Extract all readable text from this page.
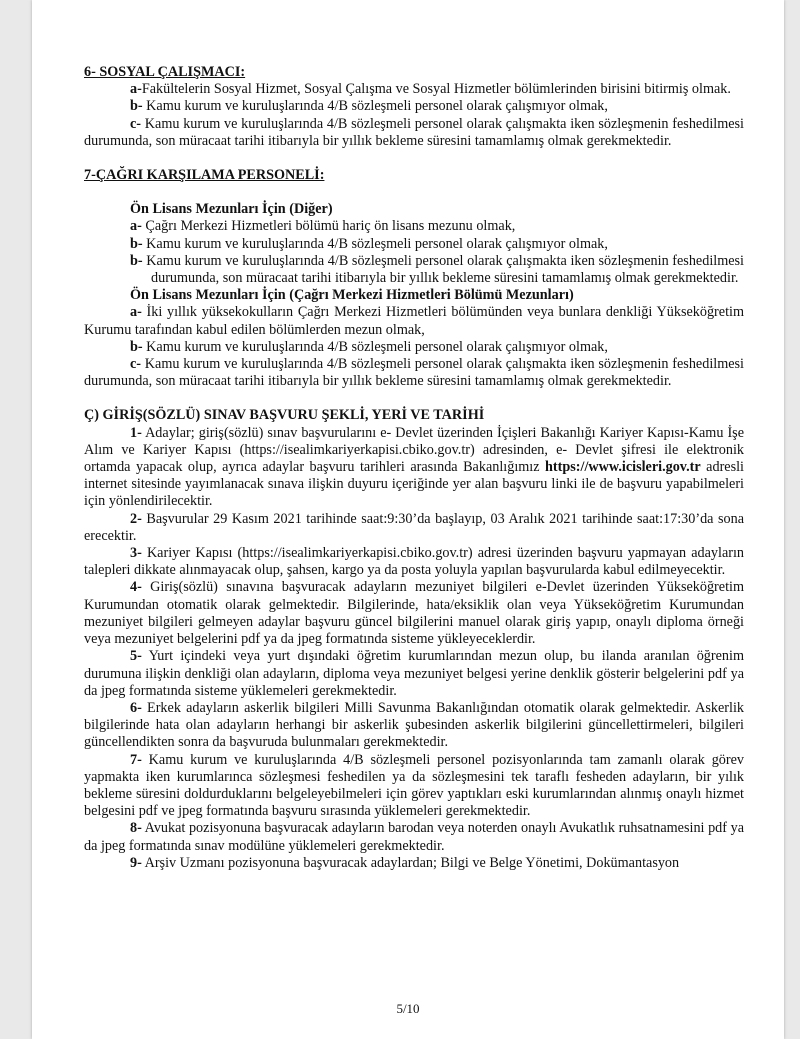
6- SOSYAL ÇALIŞMACI:

a-Fakültelerin Sosyal Hizmet, Sosyal Çalışma ve Sosyal Hizmetler bölümlerinden birisini bitirmiş olmak.

b- Kamu kurum ve kuruluşlarında 4/B sözleşmeli personel olarak çalışmıyor olmak,

c- Kamu kurum ve kuruluşlarında 4/B sözleşmeli personel olarak çalışmakta iken sözleşmenin feshedilmesi durumunda, son müracaat tarihi itibarıyla bir yıllık bekleme süresini tamamlamış olmak gerekmektedir.

7-ÇAĞRI KARŞILAMA PERSONELİ:

Ön Lisans Mezunları İçin (Diğer)

a- Çağrı Merkezi Hizmetleri bölümü hariç ön lisans mezunu olmak,

b- Kamu kurum ve kuruluşlarında 4/B sözleşmeli personel olarak çalışmıyor olmak,

b- Kamu kurum ve kuruluşlarında 4/B sözleşmeli personel olarak çalışmakta iken sözleşmenin feshedilmesi durumunda, son müracaat tarihi itibarıyla bir yıllık bekleme süresini tamamlamış olmak gerekmektedir.

Ön Lisans Mezunları İçin (Çağrı Merkezi Hizmetleri Bölümü Mezunları)

a- İki yıllık yüksekokulların Çağrı Merkezi Hizmetleri bölümünden veya bunlara denkliği Yükseköğretim Kurumu tarafından kabul edilen bölümlerden mezun olmak,

b- Kamu kurum ve kuruluşlarında 4/B sözleşmeli personel olarak çalışmıyor olmak,

c- Kamu kurum ve kuruluşlarında 4/B sözleşmeli personel olarak çalışmakta iken sözleşmenin feshedilmesi durumunda, son müracaat tarihi itibarıyla bir yıllık bekleme süresini tamamlamış olmak gerekmektedir.

Ç) GİRİŞ(SÖZLÜ) SINAV BAŞVURU ŞEKLİ, YERİ VE TARİHİ

1- Adaylar; giriş(sözlü) sınav başvurularını e- Devlet üzerinden İçişleri Bakanlığı Kariyer Kapısı-Kamu İşe Alım ve Kariyer Kapısı (https://isealimkariyerkapisi.cbiko.gov.tr) adresinden, e- Devlet şifresi ile elektronik ortamda yapacak olup, ayrıca adaylar başvuru tarihleri arasında Bakanlığımız https://www.icisleri.gov.tr adresli internet sitesinde yayımlanacak sınava ilişkin duyuru içeriğinde yer alan başvuru linki ile de başvuru yapabilmeleri için yönlendirilecektir.

2- Başvurular 29 Kasım 2021 tarihinde saat:9:30’da başlayıp, 03 Aralık 2021 tarihinde saat:17:30’da sona erecektir.

3- Kariyer Kapısı (https://isealimkariyerkapisi.cbiko.gov.tr) adresi üzerinden başvuru yapmayan adayların talepleri dikkate alınmayacak olup, şahsen, kargo ya da posta yoluyla yapılan başvurularda kabul edilmeyecektir.

4- Giriş(sözlü) sınavına başvuracak adayların mezuniyet bilgileri e-Devlet üzerinden Yükseköğretim Kurumundan otomatik olarak gelmektedir. Bilgilerinde, hata/eksiklik olan veya Yükseköğretim Kurumundan mezuniyet bilgileri gelmeyen adaylar başvuru güncel bilgilerini manuel olarak giriş yapıp, onaylı diploma örneği veya mezuniyet belgelerini pdf ya da jpeg formatında sisteme yükleyeceklerdir.

5- Yurt içindeki veya yurt dışındaki öğretim kurumlarından mezun olup, bu ilanda aranılan öğrenim durumuna ilişkin denkliği olan adayların, diploma veya mezuniyet belgesi yerine denklik gösterir belgelerini pdf ya da jpeg formatında sisteme yüklemeleri gerekmektedir.

6- Erkek adayların askerlik bilgileri Milli Savunma Bakanlığından otomatik olarak gelmektedir. Askerlik bilgilerinde hata olan adayların herhangi bir askerlik şubesinden askerlik bilgilerini güncellettirmeleri, bilgileri güncellendikten sonra da başvuruda bulunmaları gerekmektedir.

7- Kamu kurum ve kuruluşlarında 4/B sözleşmeli personel pozisyonlarında tam zamanlı olarak görev yapmakta iken kurumlarınca sözleşmesi feshedilen ya da sözleşmesini tek taraflı fesheden adayların, bir yılık bekleme süresini doldurduklarını belgeleyebilmeleri için görev yaptıkları eski kurumlarından alınmış onaylı hizmet belgesini pdf ve jpeg formatında başvuru sırasında yüklemeleri gerekmektedir.

8- Avukat pozisyonuna başvuracak adayların barodan veya noterden onaylı Avukatlık ruhsatnamesini pdf ya da jpeg formatında sınav modülüne yüklemeleri gerekmektedir.

9- Arşiv Uzmanı pozisyonuna başvuracak adaylardan; Bilgi ve Belge Yönetimi, Dokümantasyon

5/10
